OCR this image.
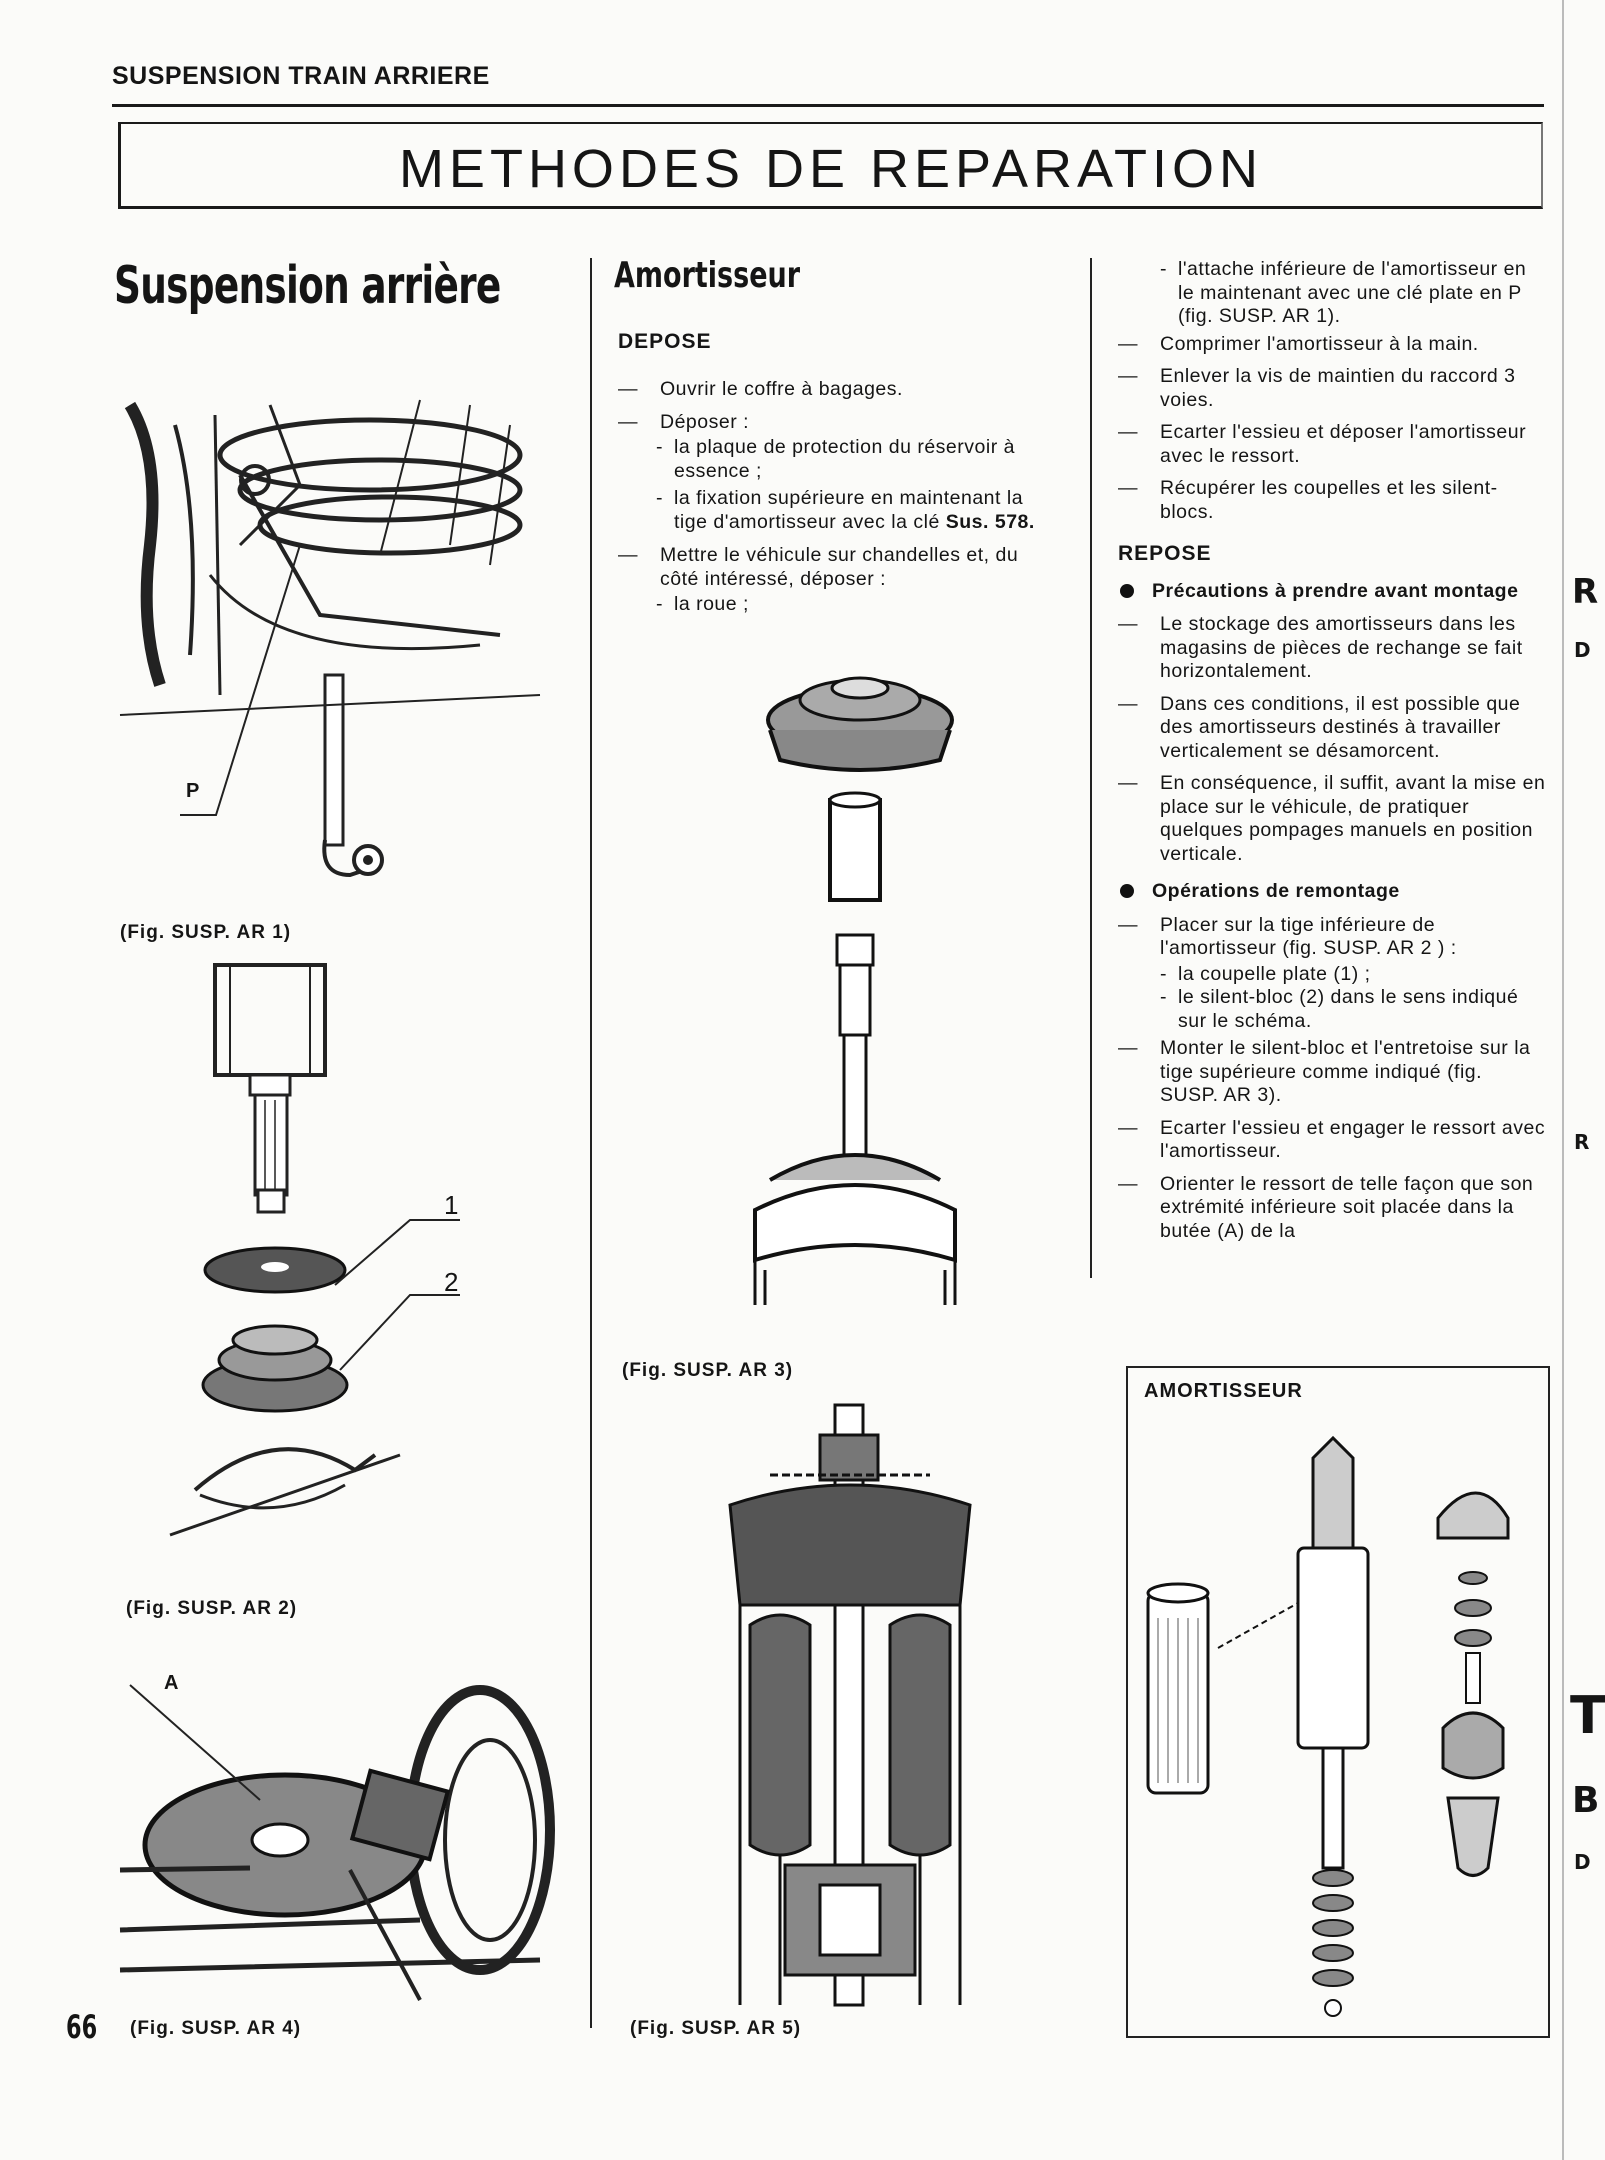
SUSPENSION TRAIN ARRIERE
METHODES DE REPARATION
Suspension arrière
P
(Fig. SUSP. AR 1)
1
2
(Fig. SUSP. AR 2)
A
66 (Fig. SUSP. AR 4)
Amortisseur
DEPOSE
— Ouvrir le coffre à bagages.
— Déposer :
- la plaque de protection du réservoir à essence ;
- la fixation supérieure en maintenant la tige d'amortisseur avec la clé Sus. 578.
— Mettre le véhicule sur chandelles et, du côté intéressé, déposer :
- la roue ;
(Fig. SUSP. AR 3)
(Fig. SUSP. AR 5)
- l'attache inférieure de l'amortisseur en le maintenant avec une clé plate en P (fig. SUSP. AR 1).
— Comprimer l'amortisseur à la main.
— Enlever la vis de maintien du raccord 3 voies.
— Ecarter l'essieu et déposer l'amortisseur avec le ressort.
— Récupérer les coupelles et les silent-blocs.
REPOSE
Précautions à prendre avant montage
— Le stockage des amortisseurs dans les magasins de pièces de rechange se fait horizontalement.
— Dans ces conditions, il est possible que des amortisseurs destinés à travailler verticalement se désamorcent.
— En conséquence, il suffit, avant la mise en place sur le véhicule, de pratiquer quelques pompages manuels en position verticale.
Opérations de remontage
— Placer sur la tige inférieure de l'amortisseur (fig. SUSP. AR 2 ) :
- la coupelle plate (1) ;
- le silent-bloc (2) dans le sens indiqué sur le schéma.
— Monter le silent-bloc et l'entretoise sur la tige supérieure comme indiqué (fig. SUSP. AR 3).
— Ecarter l'essieu et engager le ressort avec l'amortisseur.
— Orienter le ressort de telle façon que son extrémité inférieure soit placée dans la butée (A) de la
AMORTISSEUR
R
D
R
T
B
D
